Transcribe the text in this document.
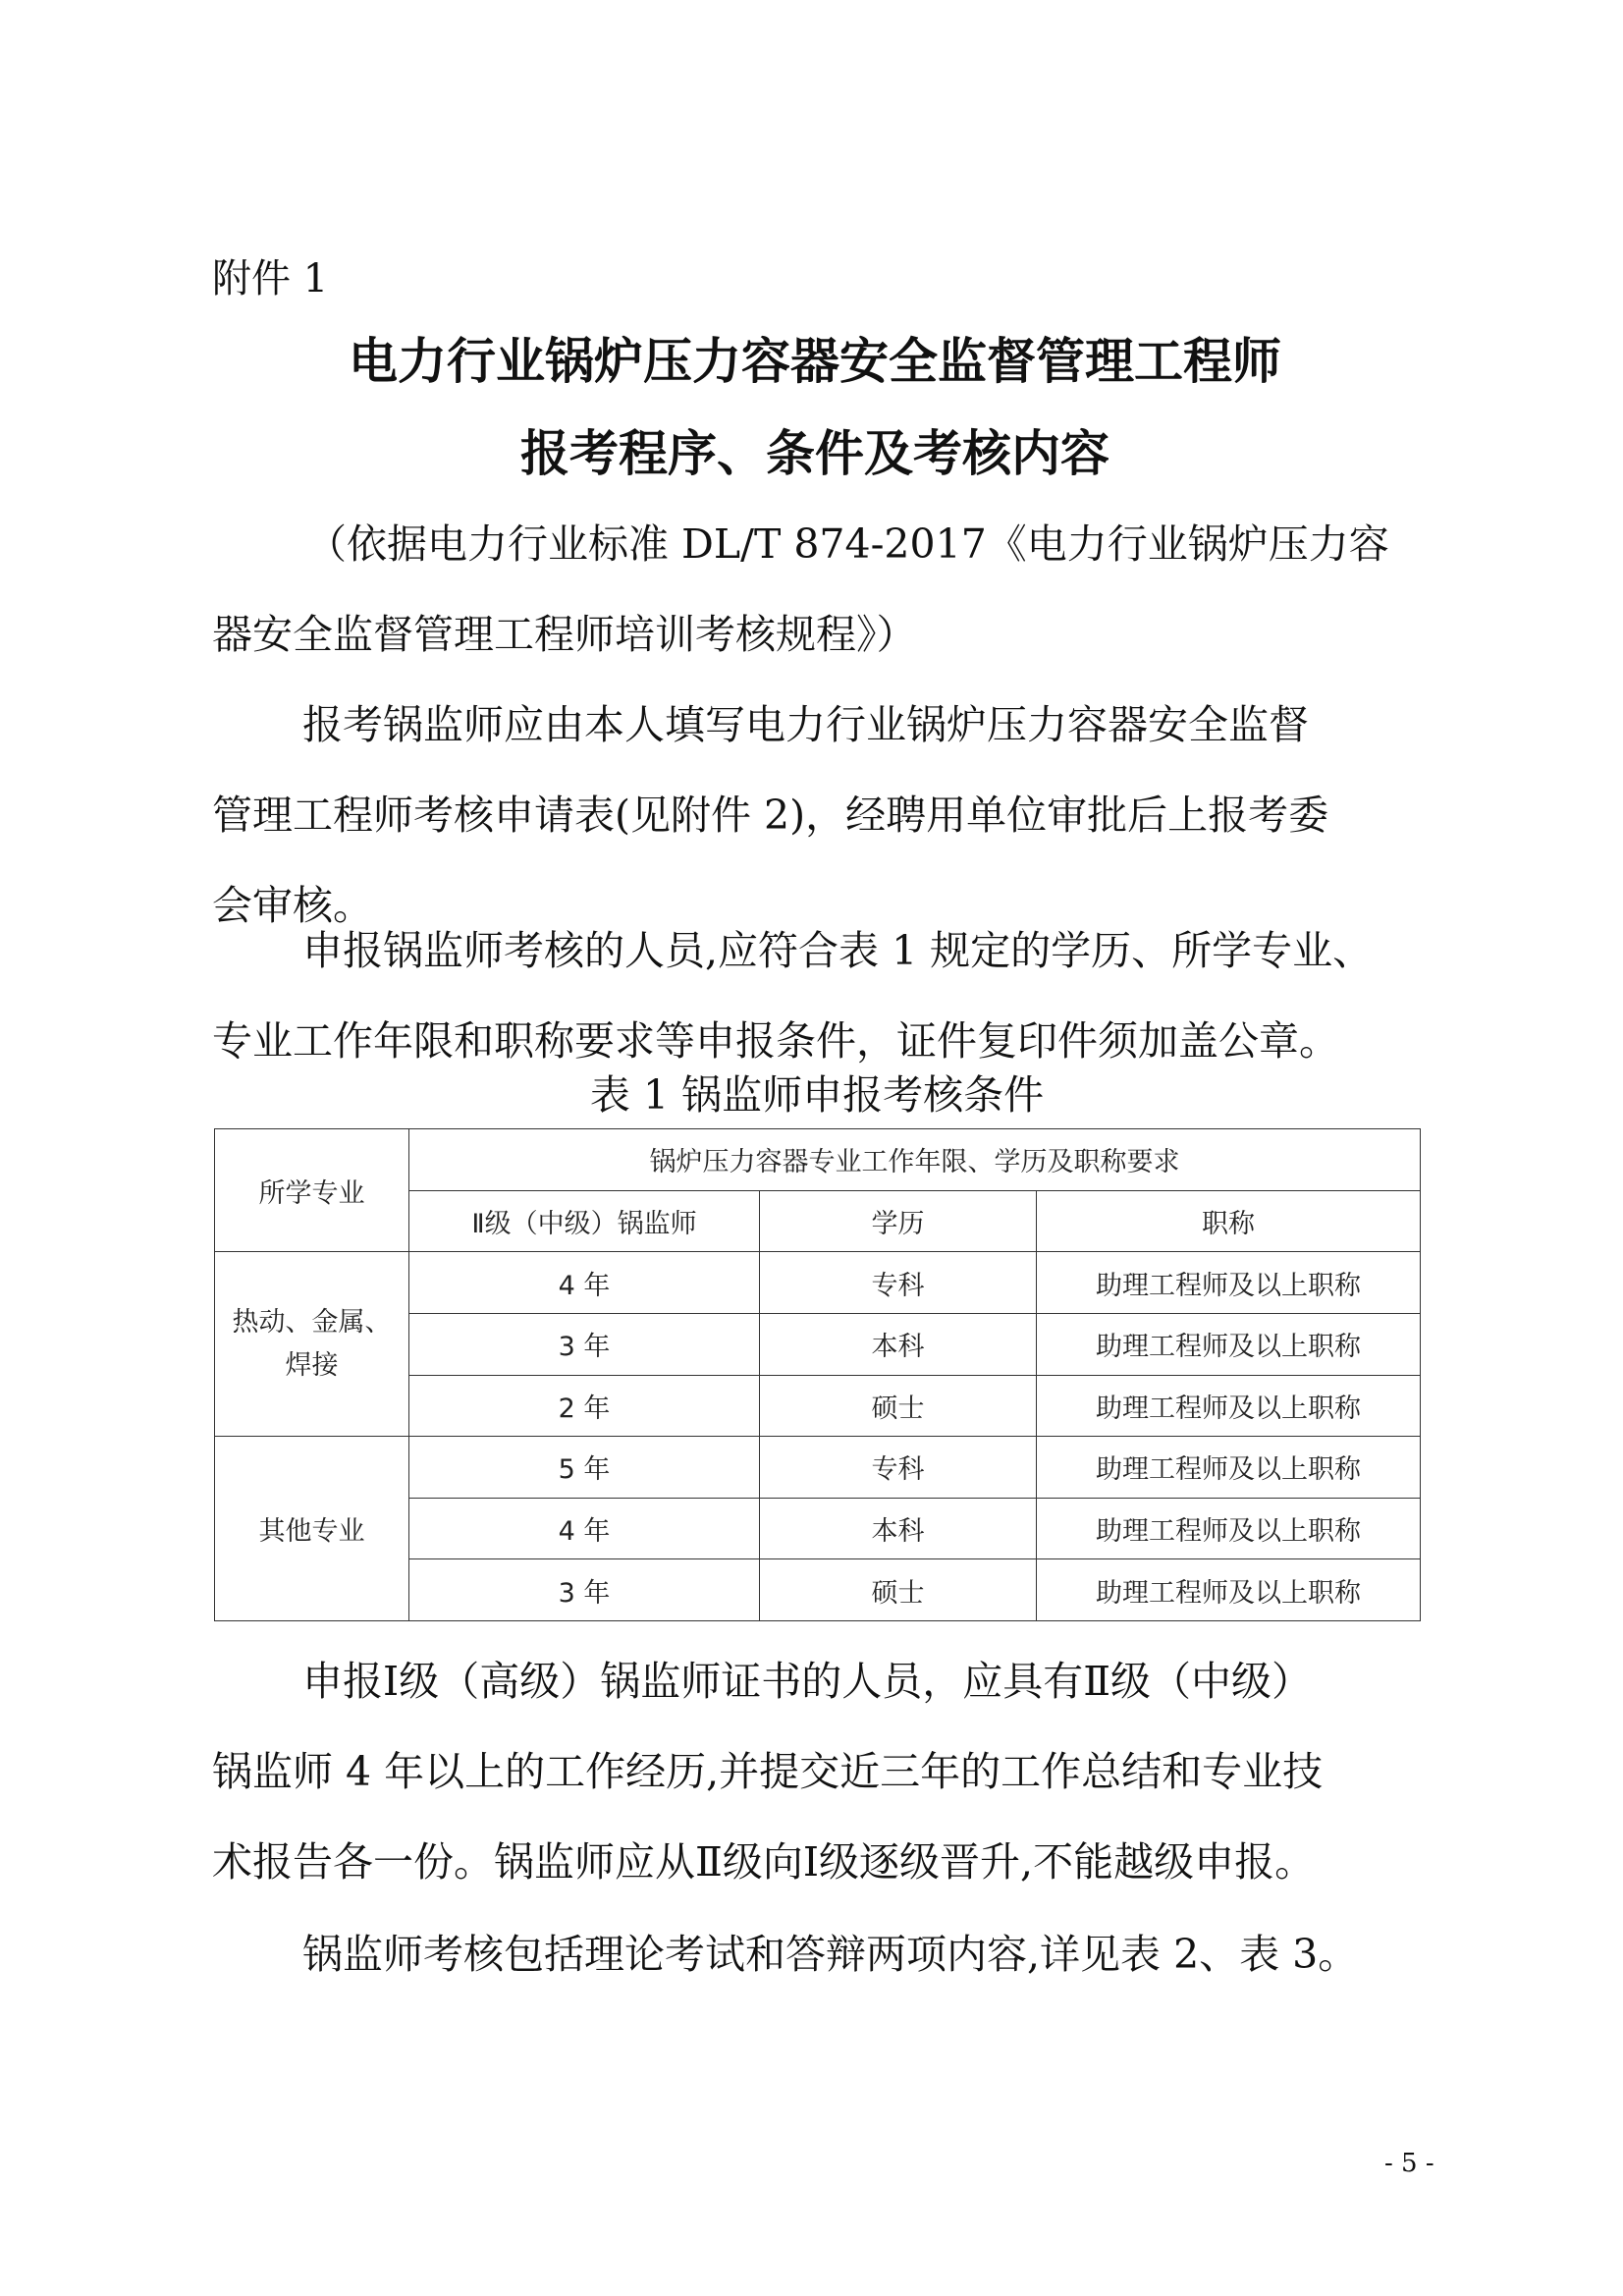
附件 1
电力行业锅炉压力容器安全监督管理工程师
报考程序、条件及考核内容
（依据电力行业标准 DL/T 874-2017《电力行业锅炉压力容
器安全监督管理工程师培训考核规程》）
报考锅监师应由本人填写电力行业锅炉压力容器安全监督
管理工程师考核申请表(见附件 2)，经聘用单位审批后上报考委
会审核。
申报锅监师考核的人员,应符合表 1 规定的学历、所学专业、
专业工作年限和职称要求等申报条件，证件复印件须加盖公章。
表 1 锅监师申报考核条件
所学专业	锅炉压力容器专业工作年限、学历及职称要求		
	Ⅱ级（中级）锅监师	学历	职称

热动、金属、
焊接	4 年	专科	助理工程师及以上职称
	3 年	本科	助理工程师及以上职称
	2 年	硕士	助理工程师及以上职称
其他专业	5 年	专科	助理工程师及以上职称
	4 年	本科	助理工程师及以上职称
	3 年	硕士	助理工程师及以上职称
申报Ⅰ级（高级）锅监师证书的人员，应具有Ⅱ级（中级）
锅监师 4 年以上的工作经历,并提交近三年的工作总结和专业技
术报告各一份。锅监师应从Ⅱ级向Ⅰ级逐级晋升,不能越级申报。
锅监师考核包括理论考试和答辩两项内容,详见表 2、表 3。
- 5 -
